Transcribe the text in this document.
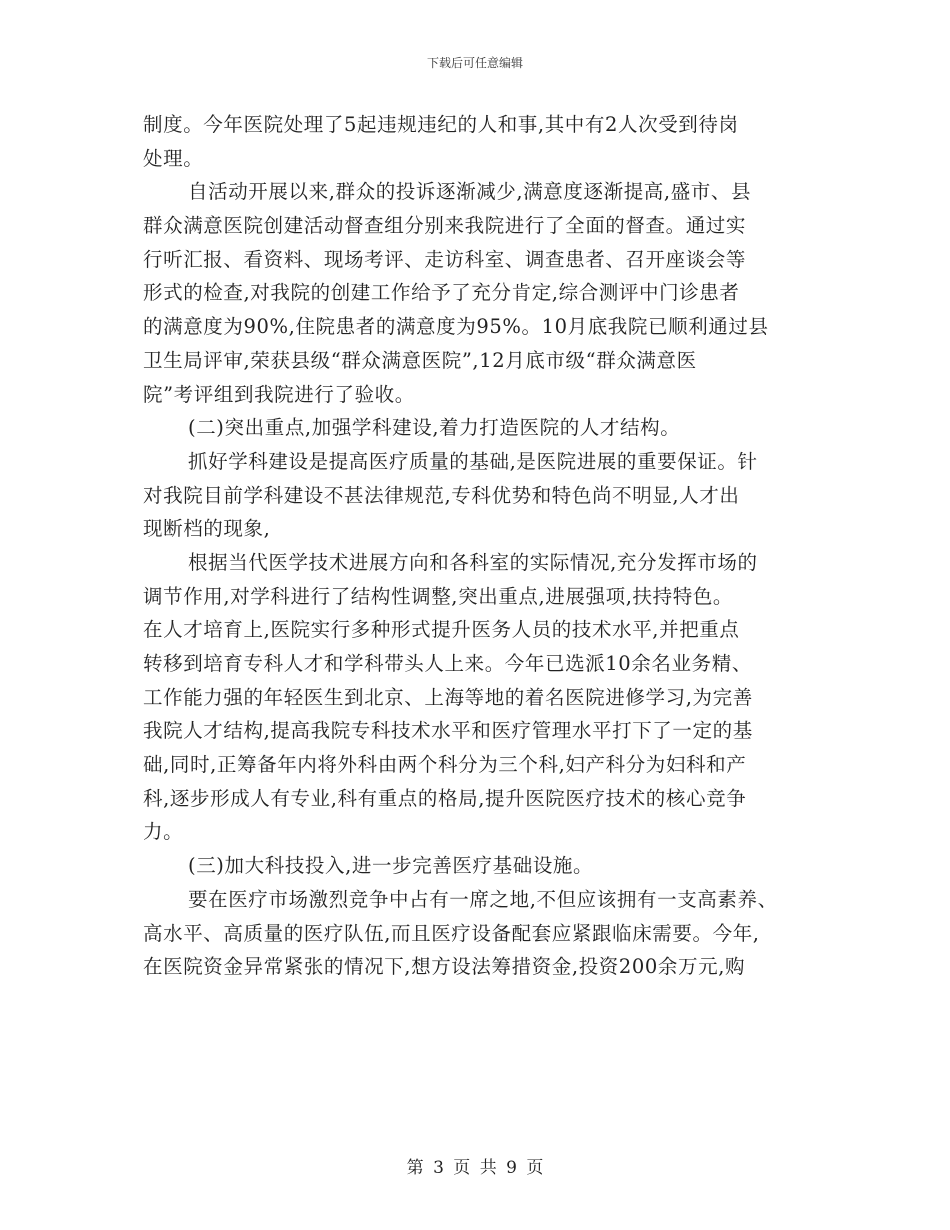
下载后可任意编辑
制度。今年医院处理了5起违规违纪的人和事,其中有2人次受到待岗
处理。
自活动开展以来,群众的投诉逐渐减少,满意度逐渐提高,盛市、县
群众满意医院创建活动督查组分别来我院进行了全面的督查。通过实
行听汇报、看资料、现场考评、走访科室、调查患者、召开座谈会等
形式的检查,对我院的创建工作给予了充分肯定,综合测评中门诊患者
的满意度为90%,住院患者的满意度为95%。10月底我院已顺利通过县
卫生局评审,荣获县级“群众满意医院”,12月底市级“群众满意医
院”考评组到我院进行了验收。
(二)突出重点,加强学科建设,着力打造医院的人才结构。
抓好学科建设是提高医疗质量的基础,是医院进展的重要保证。针
对我院目前学科建设不甚法律规范,专科优势和特色尚不明显,人才出
现断档的现象,
根据当代医学技术进展方向和各科室的实际情况,充分发挥市场的
调节作用,对学科进行了结构性调整,突出重点,进展强项,扶持特色。
在人才培育上,医院实行多种形式提升医务人员的技术水平,并把重点
转移到培育专科人才和学科带头人上来。今年已选派10余名业务精、
工作能力强的年轻医生到北京、上海等地的着名医院进修学习,为完善
我院人才结构,提高我院专科技术水平和医疗管理水平打下了一定的基
础,同时,正筹备年内将外科由两个科分为三个科,妇产科分为妇科和产
科,逐步形成人有专业,科有重点的格局,提升医院医疗技术的核心竞争
力。
(三)加大科技投入,进一步完善医疗基础设施。
要在医疗市场激烈竞争中占有一席之地,不但应该拥有一支高素养、
高水平、高质量的医疗队伍,而且医疗设备配套应紧跟临床需要。今年,
在医院资金异常紧张的情况下,想方设法筹措资金,投资200余万元,购
第 3 页 共 9 页
